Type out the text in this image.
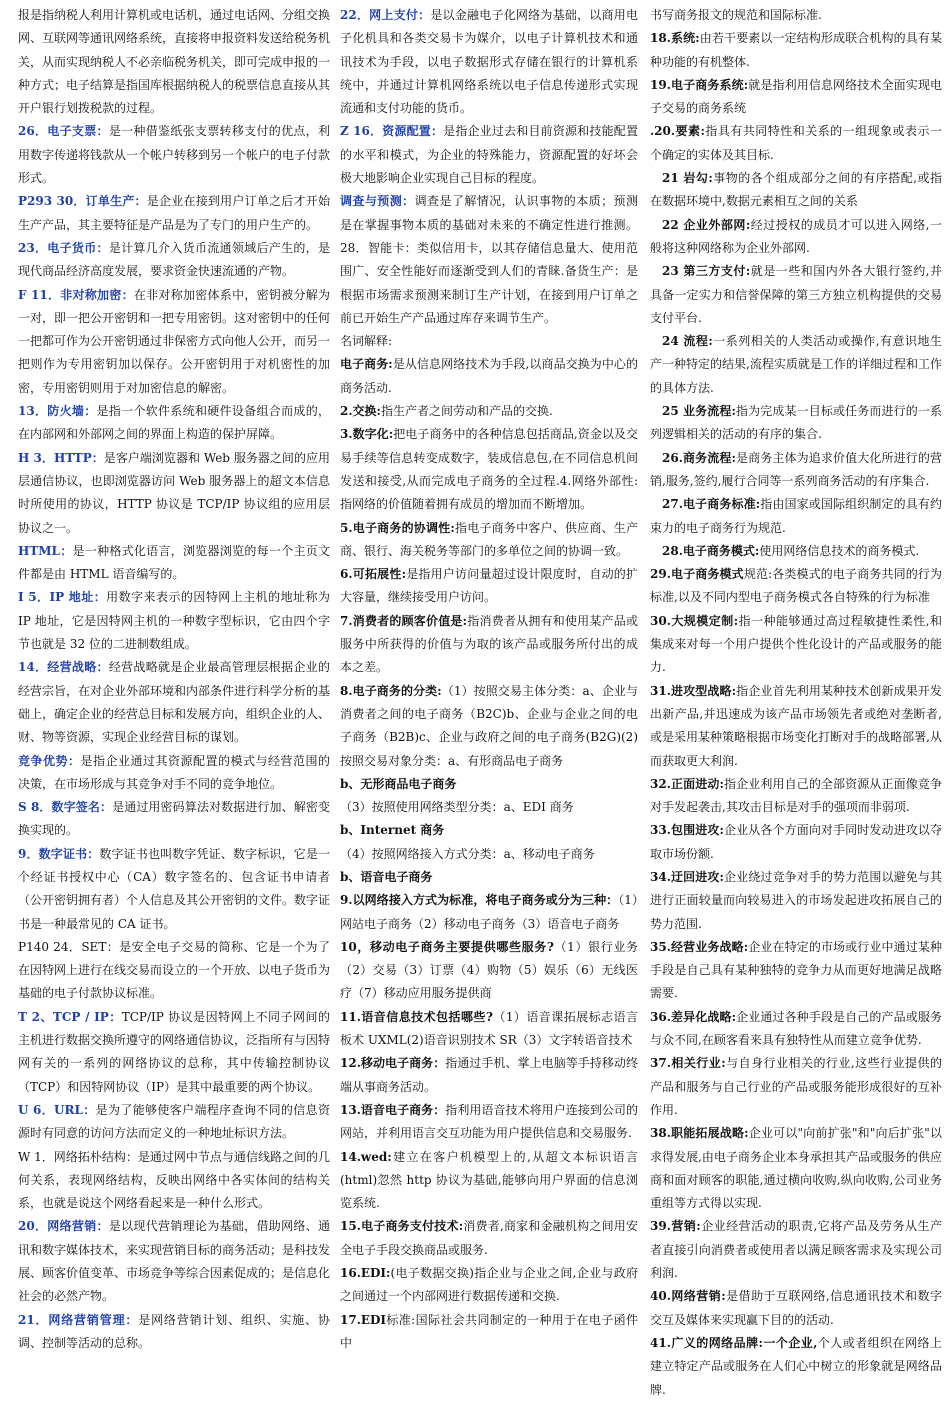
报是指纳税人利用计算机或电话机，通过电话网、分组交换网、互联网等通讯网络系统，直接将申报资料发送给税务机关，从而实现纳税人不必亲临税务机关，即可完成申报的一种方式；电子结算是指国库根据纳税人的税票信息直接从其开户银行划拨税款的过程。

26．电子支票：是一种借鉴纸张支票转移支付的优点，利用数字传递将钱款从一个帐户转移到另一个帐户的电子付款形式。

P293 30．订单生产：是企业在接到用户订单之后才开始生产产品，其主要特征是产品是为了专门的用户生产的。

23．电子货币：是计算几介入货币流通领域后产生的，是现代商品经济高度发展，要求资金快速流通的产物。

F 11．非对称加密：在非对称加密体系中，密钥被分解为一对，即一把公开密钥和一把专用密钥。这对密钥中的任何一把都可作为公开密钥通过非保密方式向他人公开，而另一把则作为专用密钥加以保存。公开密钥用于对机密性的加密，专用密钥则用于对加密信息的解密。

13．防火墙：是指一个软件系统和硬件设备组合而成的，在内部网和外部网之间的界面上构造的保护屏障。

H 3．HTTP：是客户端浏览器和 Web 服务器之间的应用层通信协议，也即浏览器访问 Web 服务器上的超文本信息时所使用的协议，HTTP 协议是 TCP/IP 协议组的应用层协议之一。

HTML：是一种格式化语言，浏览器浏览的每一个主页文件都是由 HTML 语音编写的。

I 5．IP 地址：用数字来表示的因特网上主机的地址称为 IP 地址，它是因特网主机的一种数字型标识，它由四个字节也就是 32 位的二进制数组成。

14．经营战略：经营战略就是企业最高管理层根据企业的经营宗旨，在对企业外部环境和内部条件进行科学分析的基础上，确定企业的经营总目标和发展方向，组织企业的人、财、物等资源，实现企业经营目标的谋划。

竞争优势：是指企业通过其资源配置的模式与经营范围的决策，在市场形成与其竞争对手不同的竞争地位。

S 8．数字签名：是通过用密码算法对数据进行加、解密变换实现的。

9．数字证书：数字证书也叫数字凭证、数字标识，它是一个经证书授权中心（CA）数字签名的、包含证书申请者（公开密钥拥有者）个人信息及其公开密钥的文件。数字证书是一种最常见的 CA 证书。

P140 24．SET：是安全电子交易的简称、它是一个为了在因特网上进行在线交易而设立的一个开放、以电子货币为基础的电子付款协议标准。

T 2、TCP / IP：TCP/IP 协议是因特网上不同子网间的主机进行数据交换所遵守的网络通信协议，泛指所有与因特网有关的一系列的网络协议的总称，其中传输控制协议（TCP）和因特网协议（IP）是其中最重要的两个协议。

U 6．URL：是为了能够使客户端程序查询不同的信息资源时有同意的访问方法而定义的一种地址标识方法。

W 1．网络拓朴结构：是通过网中节点与通信线路之间的几何关系，表现网络结构，反映出网络中各实体间的结构关系，也就是说这个网络看起来是一种什么形式。

20．网络营销：是以现代营销理论为基础，借助网络、通讯和数字媒体技术，来实现营销目标的商务活动；是科技发展、顾客价值变革、市场竞争等综合因素促成的；是信息化社会的必然产物。

21．网络营销管理：是网络营销计划、组织、实施、协调、控制等活动的总称。

22．网上支付：是以金融电子化网络为基础，以商用电子化机具和各类交易卡为媒介，以电子计算机技术和通讯技术为手段，以电子数据形式存储在银行的计算机系统中，并通过计算机网络系统以电子信息传递形式实现流通和支付功能的货币。

Z 16．资源配置：是指企业过去和目前资源和技能配置的水平和模式，为企业的特殊能力，资源配置的好坏会极大地影响企业实现自己目标的程度。

调查与预测：调查是了解情况，认识事物的本质；预测是在掌握事物本质的基础对未来的不确定性进行推测。28．智能卡：类似信用卡，以其存储信息量大、使用范围广、安全性能好而逐渐受到人们的青睐.备货生产：是根据市场需求预测来制订生产计划，在接到用户订单之前已开始生产产品通过库存来调节生产。

名词解释:

电子商务:是从信息网络技术为手段,以商品交换为中心的商务活动.

2.交换:指生产者之间劳动和产品的交换.

3.数字化:把电子商务中的各种信息包括商品,资金以及交易手续等信息转变成数字，装成信息包,在不同信息机间发送和接受,从而完成电子商务的全过程.4.网络外部性:指网络的价值随着拥有成员的增加而不断增加。

5.电子商务的协调性:指电子商务中客户、供应商、生产商、银行、海关税务等部门的多单位之间的协调一致。

6.可拓展性:是指用户访问量超过设计限度时，自动的扩大容量，继续接受用户访问。

7.消费者的顾客价值是:指消费者从拥有和使用某产品或服务中所获得的价值与为取的该产品或服务所付出的成本之差。

8.电子商务的分类:（1）按照交易主体分类：a、企业与消费者之间的电子商务（B2C)b、企业与企业之间的电子商务（B2B)c、企业与政府之间的电子商务(B2G)(2)按照交易对象分类：a、有形商品电子商务

b、无形商品电子商务

（3）按照使用网络类型分类：a、EDI 商务

b、Internet 商务

（4）按照网络接入方式分类：a、移动电子商务

b、语音电子商务

9.以网络接入方式为标准，将电子商务或分为三种：（1）网站电子商务（2）移动电子商务（3）语音电子商务

10，移动电子商务主要提供哪些服务?（1）银行业务（2）交易（3）订票（4）购物（5）娱乐（6）无线医疗（7）移动应用服务提供商

11.语音信息技术包括哪些?（1）语音课拓展标志语言板术 UXML(2)语音识别技术 SR（3）文字转语音技术

12.移动电子商务：指通过手机、掌上电脑等手持移动终端从事商务活动。

13.语音电子商务：指利用语音技术将用户连接到公司的网站，并利用语言交互功能为用户提供信息和交易服务.

14.wed:建立在客户机模型上的,从超文本标识语言(html)忽然 http 协议为基础,能够向用户界面的信息浏览系统.

15.电子商务支付技术:消费者,商家和金融机构之间用安全电子手段交换商品或服务.

16.EDI:(电子数据交换)指企业与企业之间,企业与政府之间通过一个内部网进行数据传递和交换.

17.EDI标准:国际社会共同制定的一种用于在电子函件中

书写商务报文的规范和国际标准.

18.系统:由若干要素以一定结构形成联合机构的具有某种功能的有机整体.

19.电子商务系统:就是指利用信息网络技术全面实现电子交易的商务系统

.20.要素:指具有共同特性和关系的一组现象或表示一个确定的实体及其目标.

21 岩勾:事物的各个组成部分之间的有序搭配,或指在数据环境中,数据元素相互之间的关系

22 企业外部网:经过授权的成员才可以进入网络,一般将这种网络称为企业外部网.

23 第三方支付:就是一些和国内外各大银行签约,并具备一定实力和信誉保障的第三方独立机构提供的交易支付平台.

24 流程:一系列相关的人类活动或操作,有意识地生产一种特定的结果,流程实质就是工作的详细过程和工作的具体方法.

25 业务流程:指为完成某一目标或任务而进行的一系列逻辑相关的活动的有序的集合.

26.商务流程:是商务主体为追求价值大化所进行的营销,服务,签约,履行合同等一系列商务活动的有序集合.

27.电子商务标准:指由国家或国际组织制定的具有约束力的电子商务行为规范.

28.电子商务模式:使用网络信息技术的商务模式.

29.电子商务模式规范:各类模式的电子商务共同的行为标准,以及不同内型电子商务模式各自特殊的行为标准

30.大规模定制:指一种能够通过高过程敏捷性柔性,和集成来对每一个用户提供个性化设计的产品或服务的能力.

31.进攻型战略:指企业首先利用某种技术创新成果开发出新产品,并迅速成为该产品市场领先者或绝对垄断者,或是采用某种策略根据市场变化打断对手的战略部署,从而获取更大利润.

32.正面进动:指企业利用自己的全部资源从正面像竞争对手发起袭击,其攻击目标是对手的强项而非弱项.

33.包围进攻:企业从各个方面向对手同时发动进攻以夺取市场份额.

34.迂回进攻:企业绕过竞争对手的势力范围以避免与其进行正面较量而向较易进入的市场发起进攻拓展自己的势力范围.

35.经营业务战略:企业在特定的市场或行业中通过某种手段是自己具有某种独特的竞争力从而更好地满足战略需要.

36.差异化战略:企业通过各种手段是自己的产品或服务与众不同,在顾客看来具有独特性从而建立竞争优势.

37.相关行业:与自身行业相关的行业,这些行业提供的产品和服务与自己行业的产品或服务能形成很好的互补作用.

38.职能拓展战略:企业可以"向前扩张"和"向后扩张"以求得发展,由电子商务企业本身承担其产品或服务的供应商和面对顾客的职能,通过横向收购,纵向收购,公司业务重组等方式得以实现.

39.营销:企业经营活动的职责,它将产品及劳务从生产者直接引向消费者或使用者以满足顾客需求及实现公司利润.

40.网络营销:是借助于互联网络,信息通讯技术和数字交互及媒体来实现赢下目的的活动.

41.广义的网络品牌:一个企业,个人或者组织在网络上建立特定产品或服务在人们心中树立的形象就是网络品牌.
